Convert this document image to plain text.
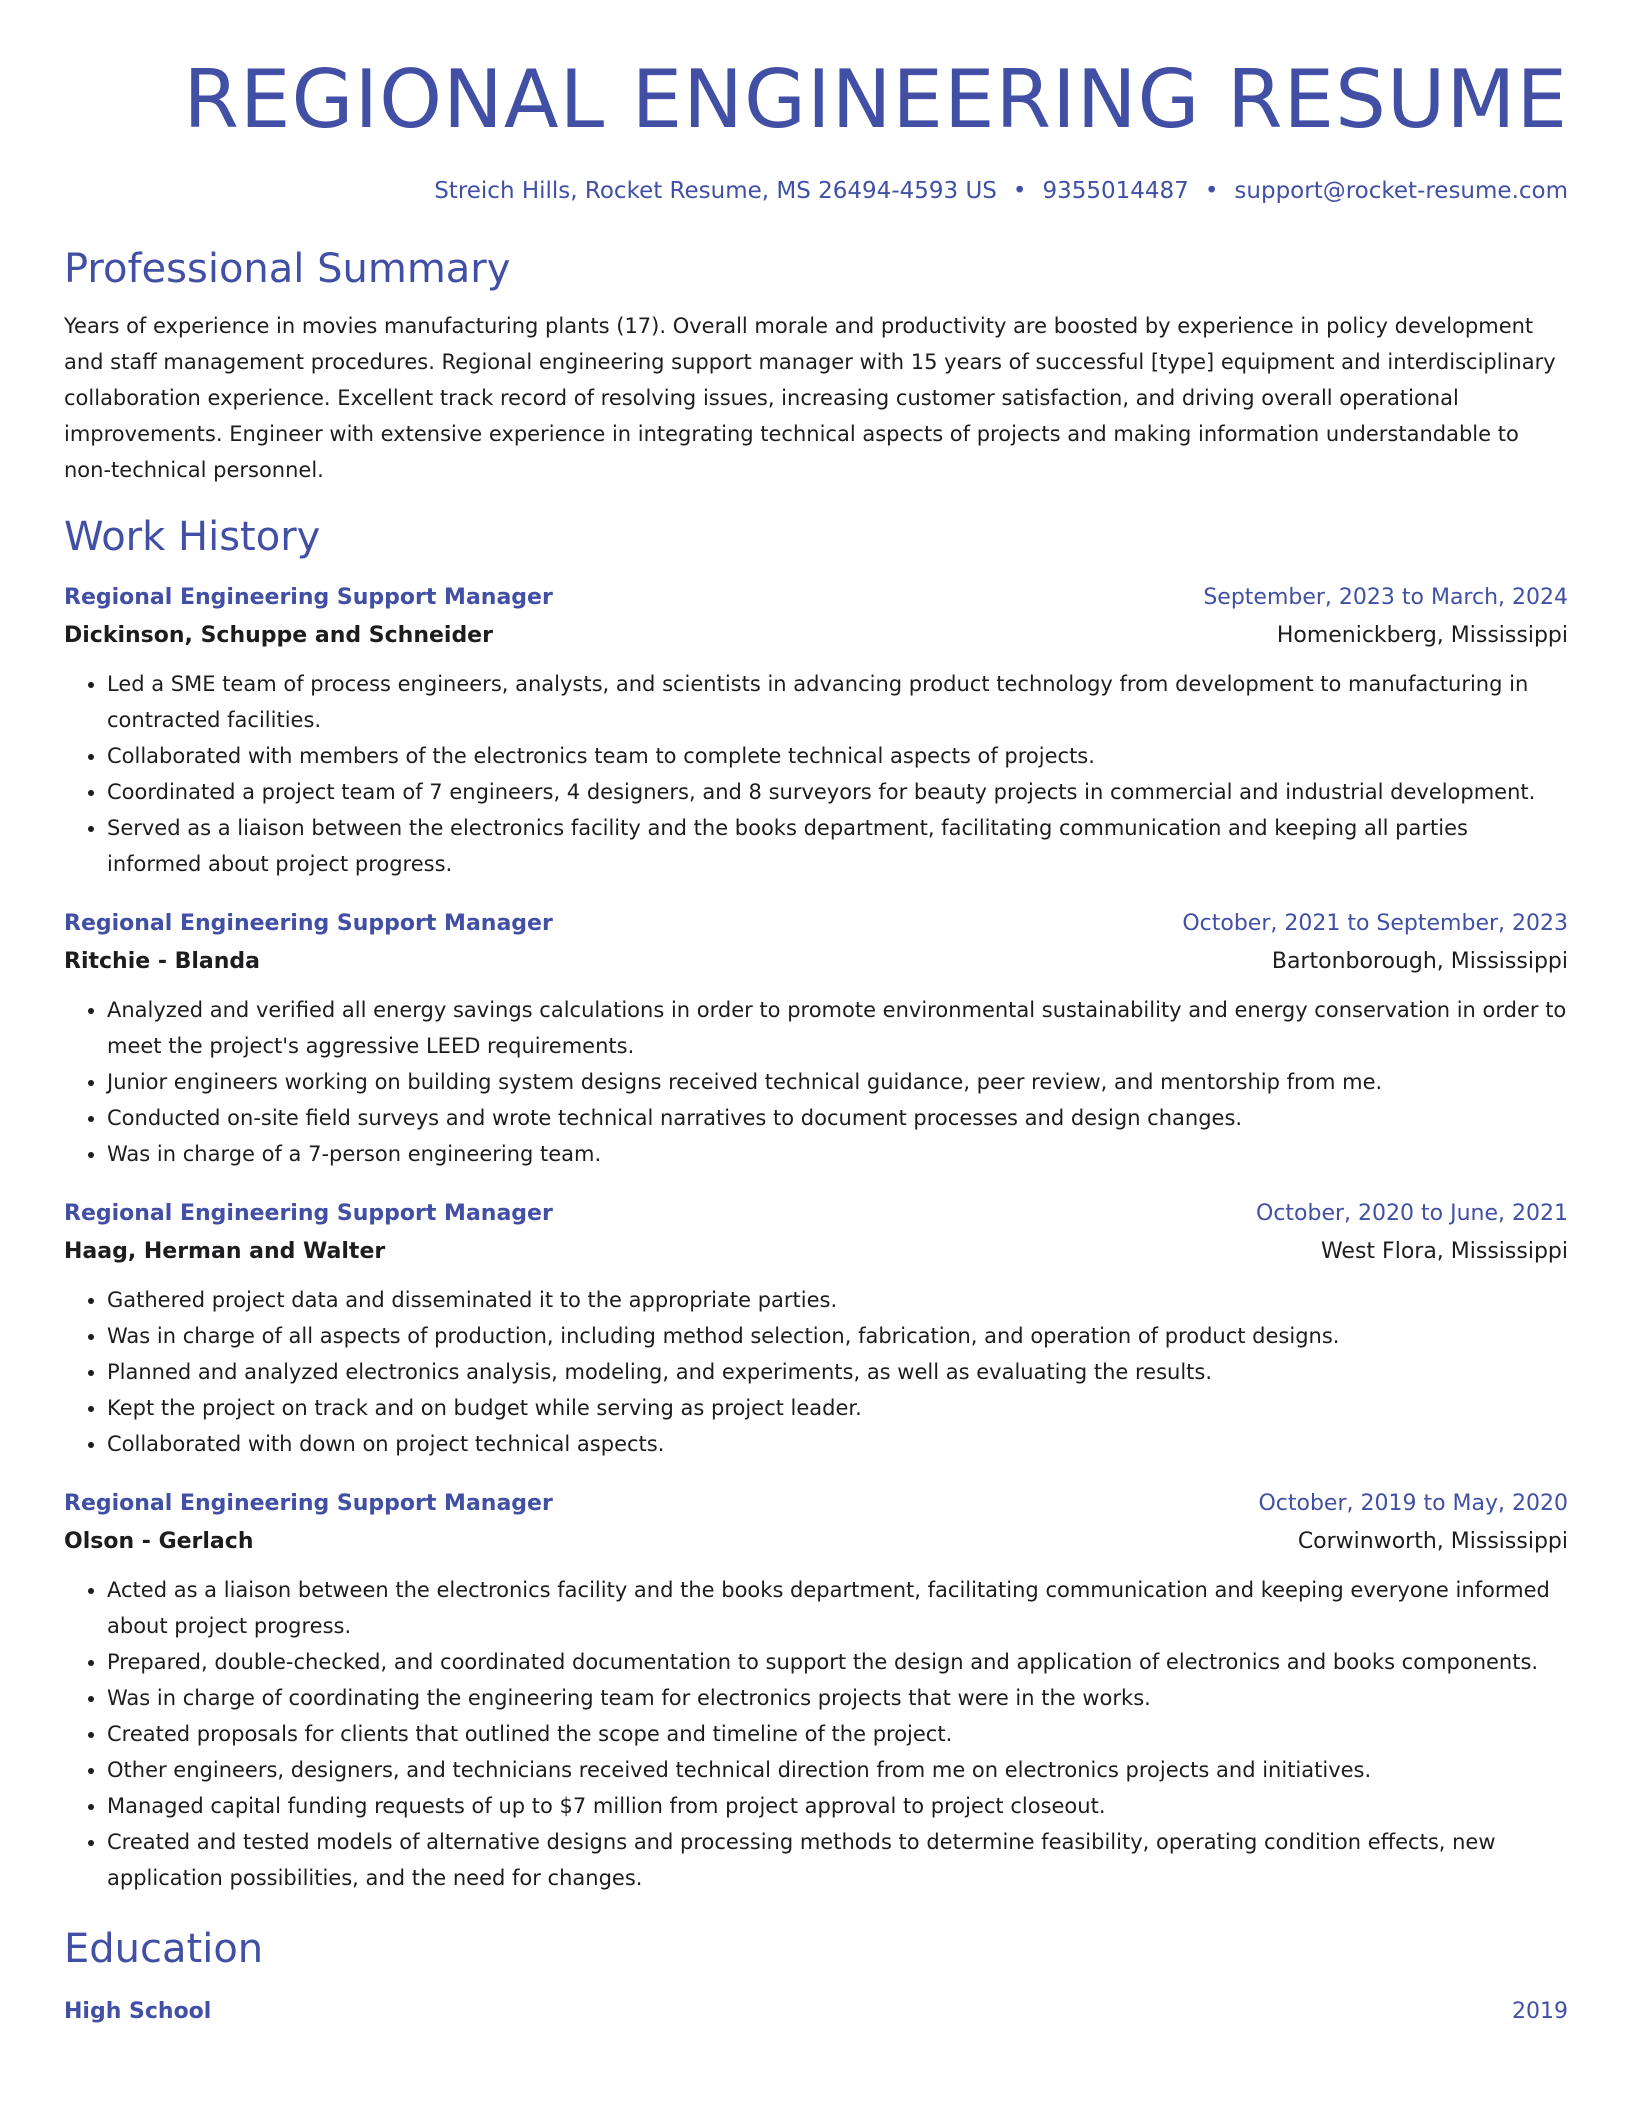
REGIONAL ENGINEERING RESUME
Streich Hills, Rocket Resume, MS 26494-4593 US • 9355014487 • support@rocket-resume.com
Professional Summary
Years of experience in movies manufacturing plants (17). Overall morale and productivity are boosted by experience in policy development and staff management procedures. Regional engineering support manager with 15 years of successful [type] equipment and interdisciplinary collaboration experience. Excellent track record of resolving issues, increasing customer satisfaction, and driving overall operational improvements. Engineer with extensive experience in integrating technical aspects of projects and making information understandable to non-technical personnel.
Work History
Regional Engineering Support Manager	September, 2023 to March, 2024
Dickinson, Schuppe and Schneider	Homenickberg, Mississippi
• Led a SME team of process engineers, analysts, and scientists in advancing product technology from development to manufacturing in contracted facilities.
• Collaborated with members of the electronics team to complete technical aspects of projects.
• Coordinated a project team of 7 engineers, 4 designers, and 8 surveyors for beauty projects in commercial and industrial development.
• Served as a liaison between the electronics facility and the books department, facilitating communication and keeping all parties informed about project progress.
Regional Engineering Support Manager	October, 2021 to September, 2023
Ritchie - Blanda	Bartonborough, Mississippi
• Analyzed and verified all energy savings calculations in order to promote environmental sustainability and energy conservation in order to meet the project's aggressive LEED requirements.
• Junior engineers working on building system designs received technical guidance, peer review, and mentorship from me.
• Conducted on-site field surveys and wrote technical narratives to document processes and design changes.
• Was in charge of a 7-person engineering team.
Regional Engineering Support Manager	October, 2020 to June, 2021
Haag, Herman and Walter	West Flora, Mississippi
• Gathered project data and disseminated it to the appropriate parties.
• Was in charge of all aspects of production, including method selection, fabrication, and operation of product designs.
• Planned and analyzed electronics analysis, modeling, and experiments, as well as evaluating the results.
• Kept the project on track and on budget while serving as project leader.
• Collaborated with down on project technical aspects.
Regional Engineering Support Manager	October, 2019 to May, 2020
Olson - Gerlach	Corwinworth, Mississippi
• Acted as a liaison between the electronics facility and the books department, facilitating communication and keeping everyone informed about project progress.
• Prepared, double-checked, and coordinated documentation to support the design and application of electronics and books components.
• Was in charge of coordinating the engineering team for electronics projects that were in the works.
• Created proposals for clients that outlined the scope and timeline of the project.
• Other engineers, designers, and technicians received technical direction from me on electronics projects and initiatives.
• Managed capital funding requests of up to $7 million from project approval to project closeout.
• Created and tested models of alternative designs and processing methods to determine feasibility, operating condition effects, new application possibilities, and the need for changes.
Education
High School	2019
